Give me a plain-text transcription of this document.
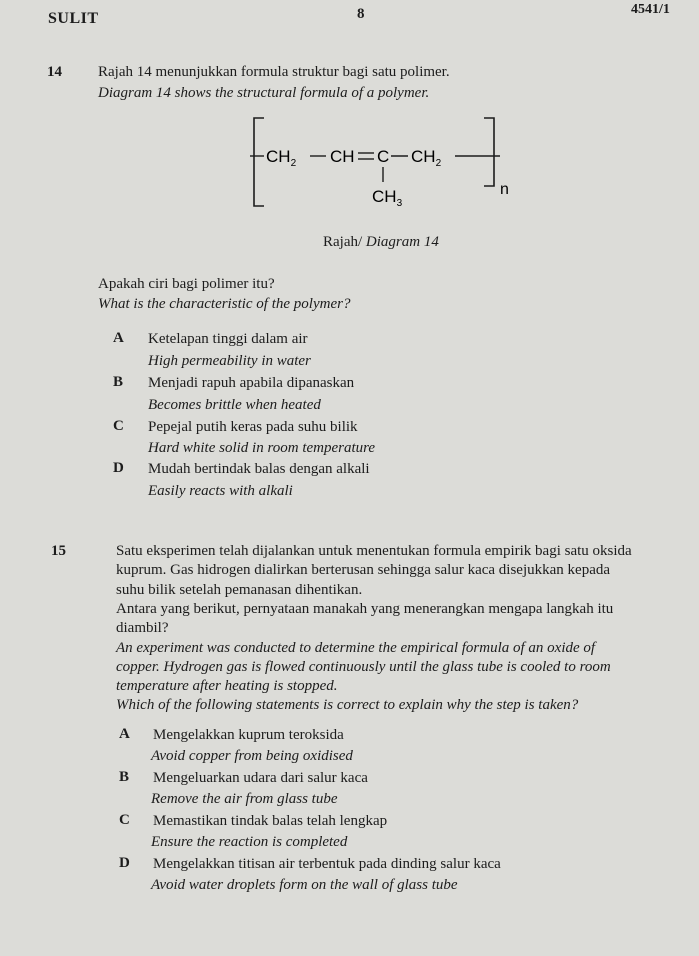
SULIT	8	4541/1
14 Rajah 14 menunjukkan formula struktur bagi satu polimer.
Diagram 14 shows the structural formula of a polymer.
$CH_2$ CH C $CH_2$
$CH_3$
n
Rajah/ Diagram 14
Apakah ciri bagi polimer itu?
What is the characteristic of the polymer?
A Ketelapan tinggi dalam air
High permeability in water
B Menjadi rapuh apabila dipanaskan
Becomes brittle when heated
C Pepejal putih keras pada suhu bilik
Hard white solid in room temperature
D Mudah bertindak balas dengan alkali
Easily reacts with alkali
15	Satu eksperimen telah dijalankan untuk menentukan formula empirik bagi satu oksida
kuprum. Gas hidrogen dialirkan berterusan sehingga salur kaca disejukkan kepada
suhu bilik setelah pemanasan dihentikan.
Antara yang berikut, pernyataan manakah yang menerangkan mengapa langkah itu
diambil?
An experiment was conducted to determine the empirical formula of an oxide of
copper. Hydrogen gas is flowed continuously until the glass tube is cooled to room
temperature after heating is stopped.
Which of the following statements is correct to explain why the step is taken?
A Mengelakkan kuprum teroksida
Avoid copper from being oxidised
B Mengeluarkan udara dari salur kaca
Remove the air from glass tube
C Memastikan tindak balas telah lengkap
Ensure the reaction is completed
D Mengelakkan titisan air terbentuk pada dinding salur kaca
Avoid water droplets form on the wall of glass tube
